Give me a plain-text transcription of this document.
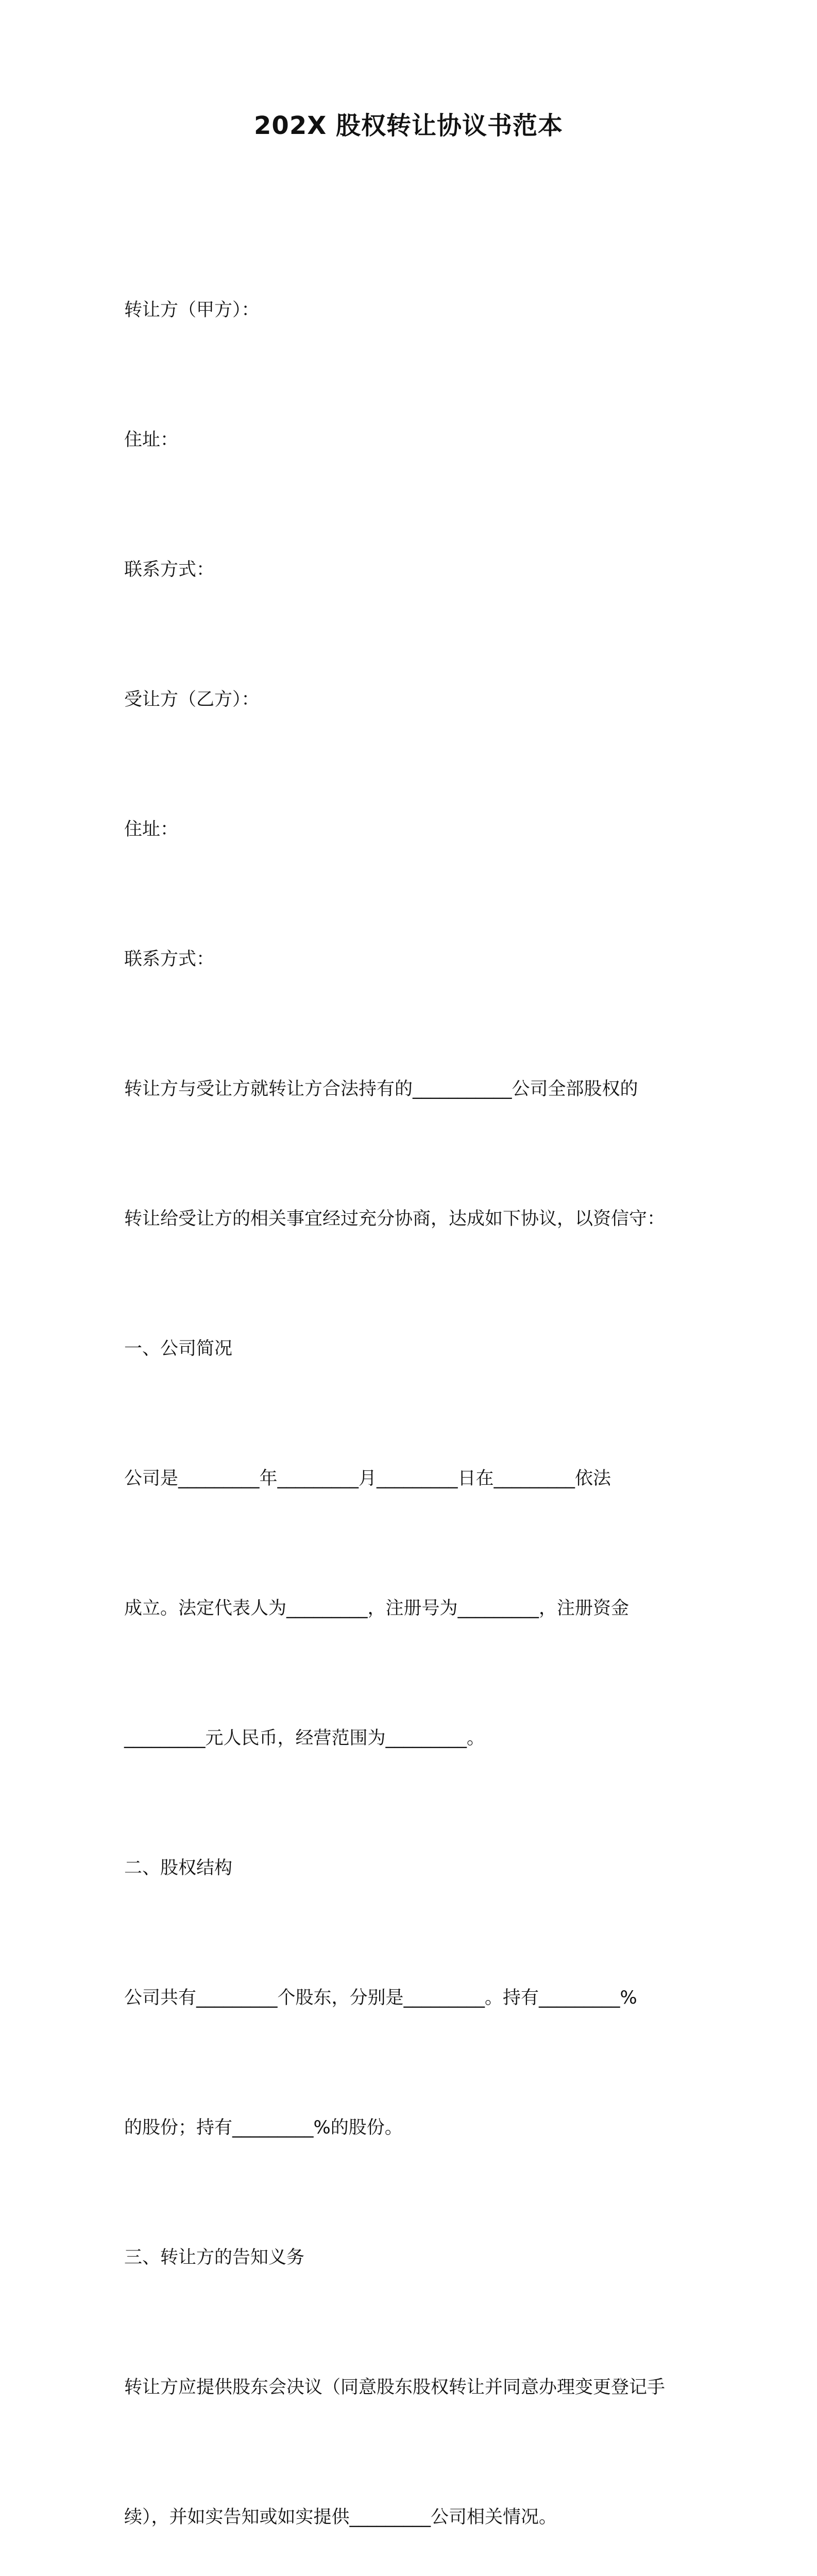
202X 股权转让协议书范本

转让方（甲方）：

住址：

联系方式：

受让方（乙方）：

住址：

联系方式：

转让方与受让方就转让方合法持有的___________公司全部股权的

转让给受让方的相关事宜经过充分协商，达成如下协议，以资信守：

一、公司简况

公司是_________年_________月_________日在_________依法

成立。法定代表人为_________，注册号为_________，注册资金

_________元人民币，经营范围为_________。

二、股权结构

公司共有_________个股东，分别是_________。持有_________%

的股份；持有_________%的股份。

三、转让方的告知义务

转让方应提供股东会决议（同意股东股权转让并同意办理变更登记手

续），并如实告知或如实提供_________公司相关情况。
